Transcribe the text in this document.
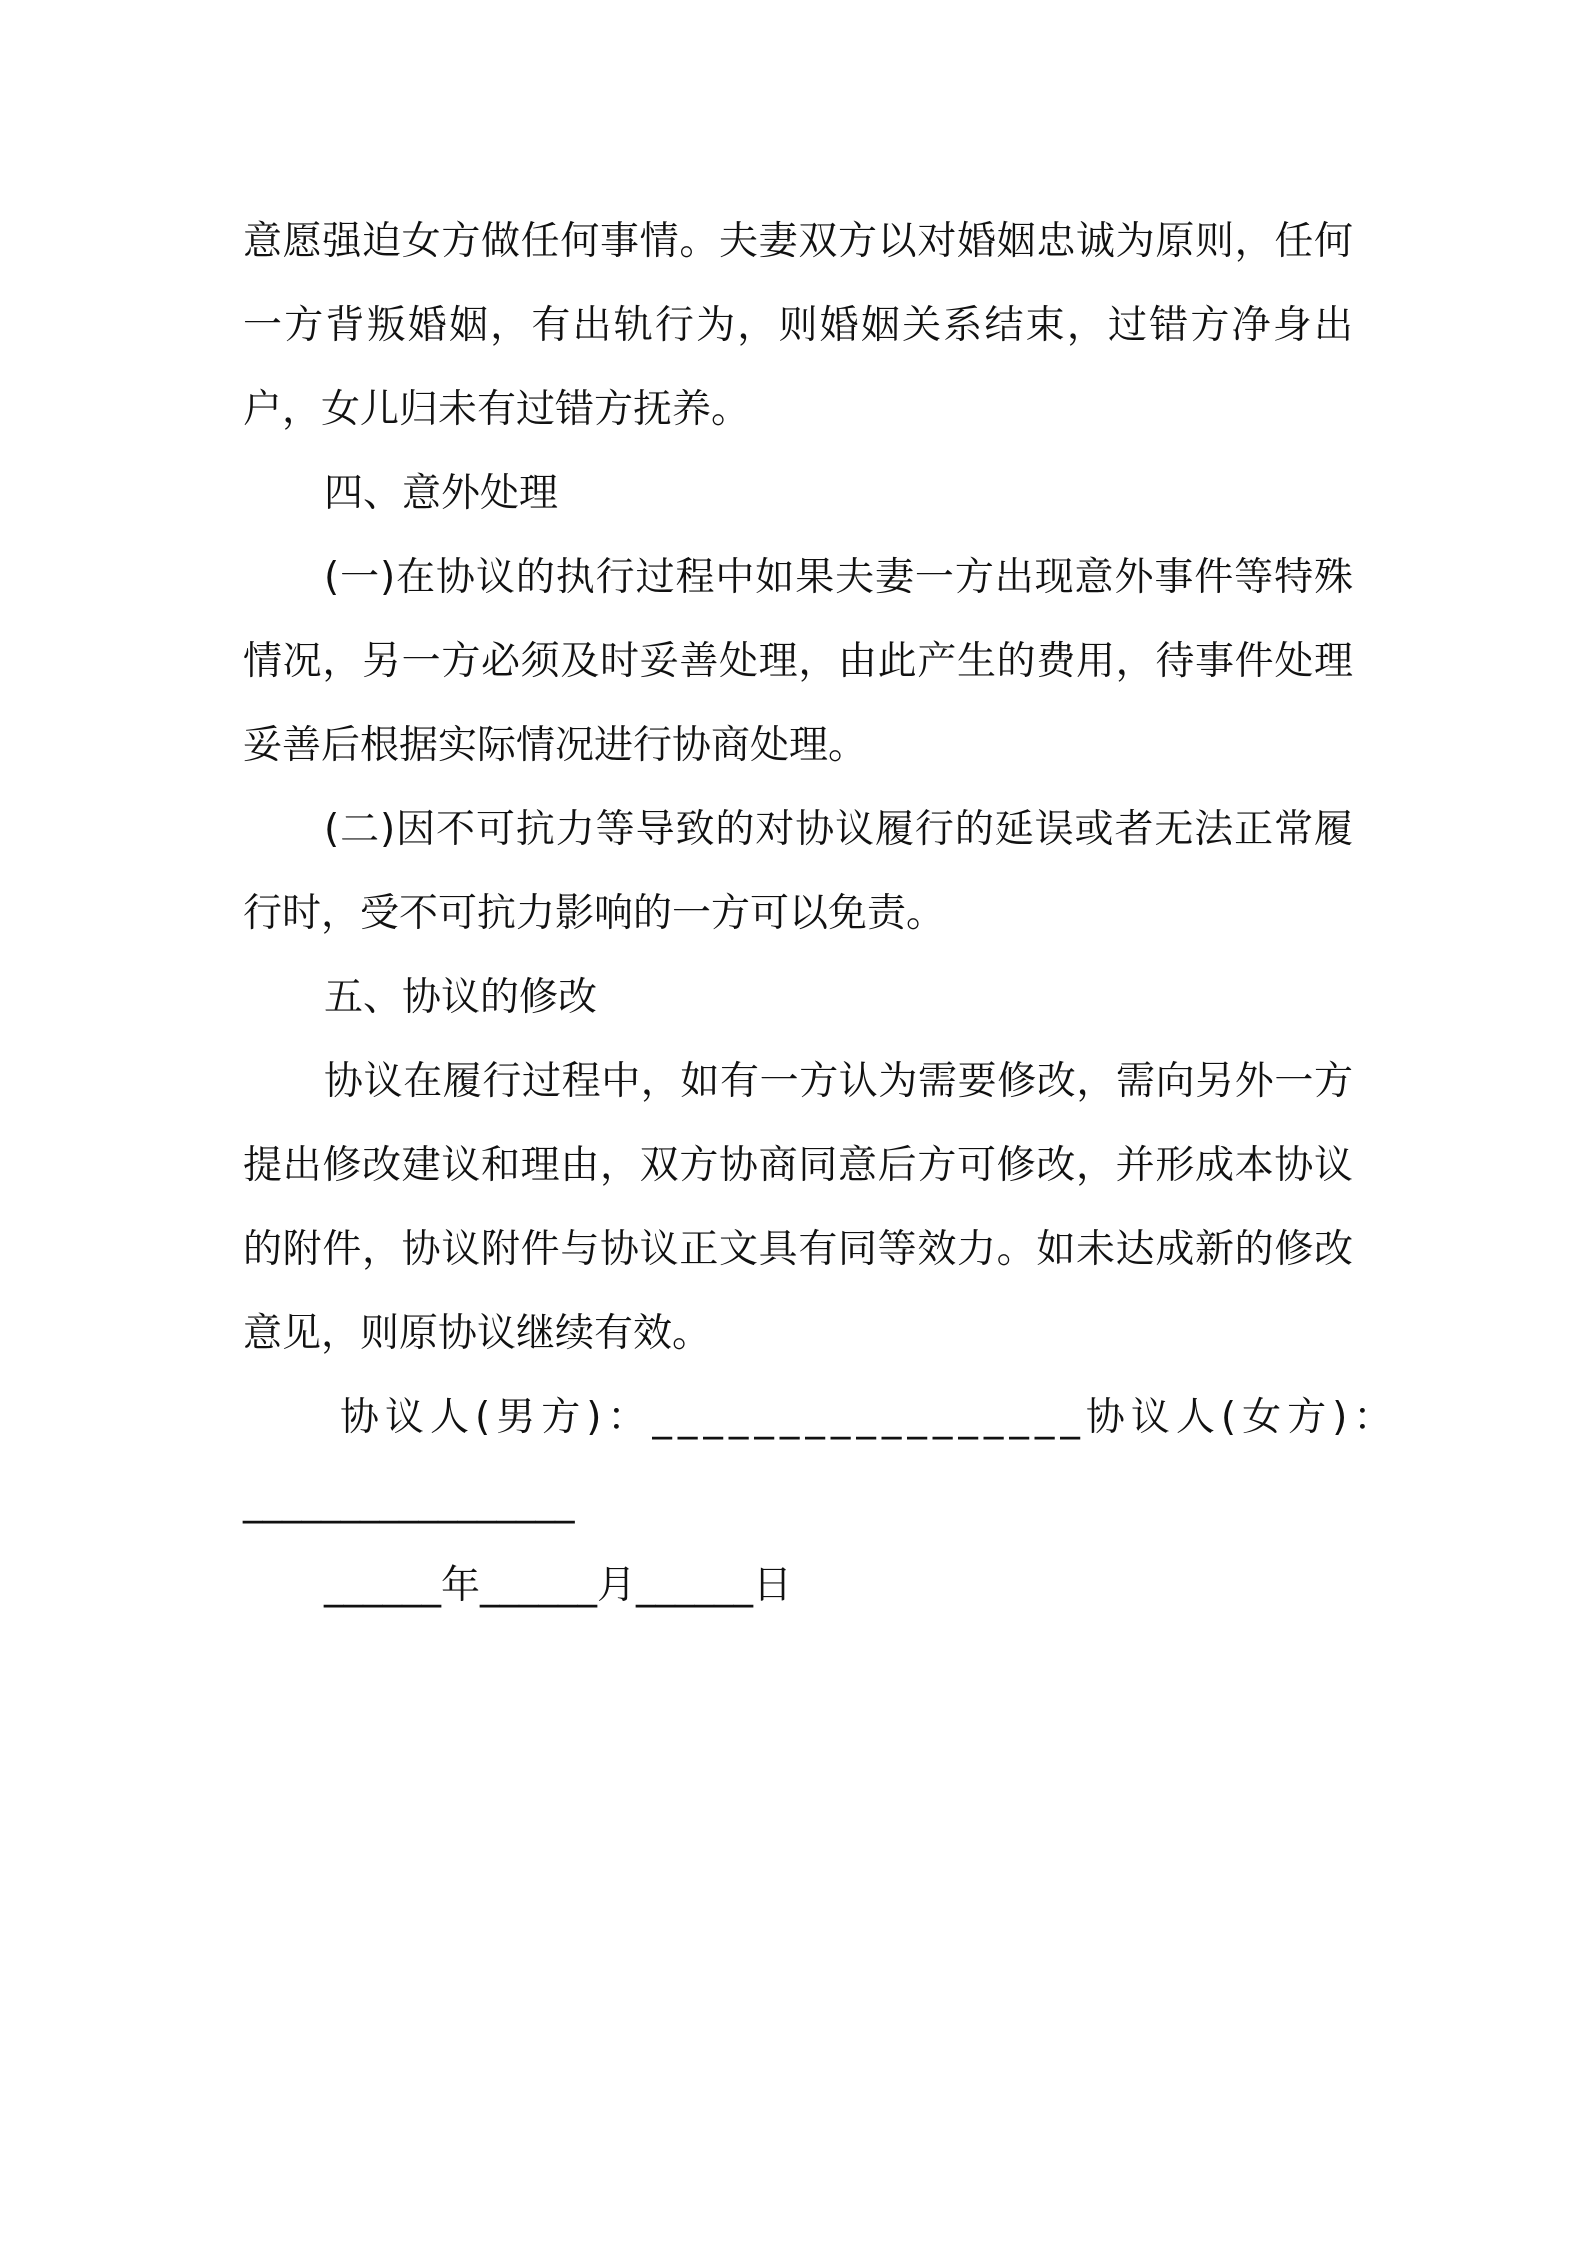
意愿强迫女方做任何事情。夫妻双方以对婚姻忠诚为原则，任何一方背叛婚姻，有出轨行为，则婚姻关系结束，过错方净身出户，女儿归未有过错方抚养。

四、意外处理

(一)在协议的执行过程中如果夫妻一方出现意外事件等特殊情况，另一方必须及时妥善处理，由此产生的费用，待事件处理妥善后根据实际情况进行协商处理。

(二)因不可抗力等导致的对协议履行的延误或者无法正常履行时，受不可抗力影响的一方可以免责。

五、协议的修改

协议在履行过程中，如有一方认为需要修改，需向另外一方提出修改建议和理由，双方协商同意后方可修改，并形成本协议的附件，协议附件与协议正文具有同等效力。如未达成新的修改意见，则原协议继续有效。

协议人(男方)：_________________协议人(女方)：

_________________

______年______月______日
